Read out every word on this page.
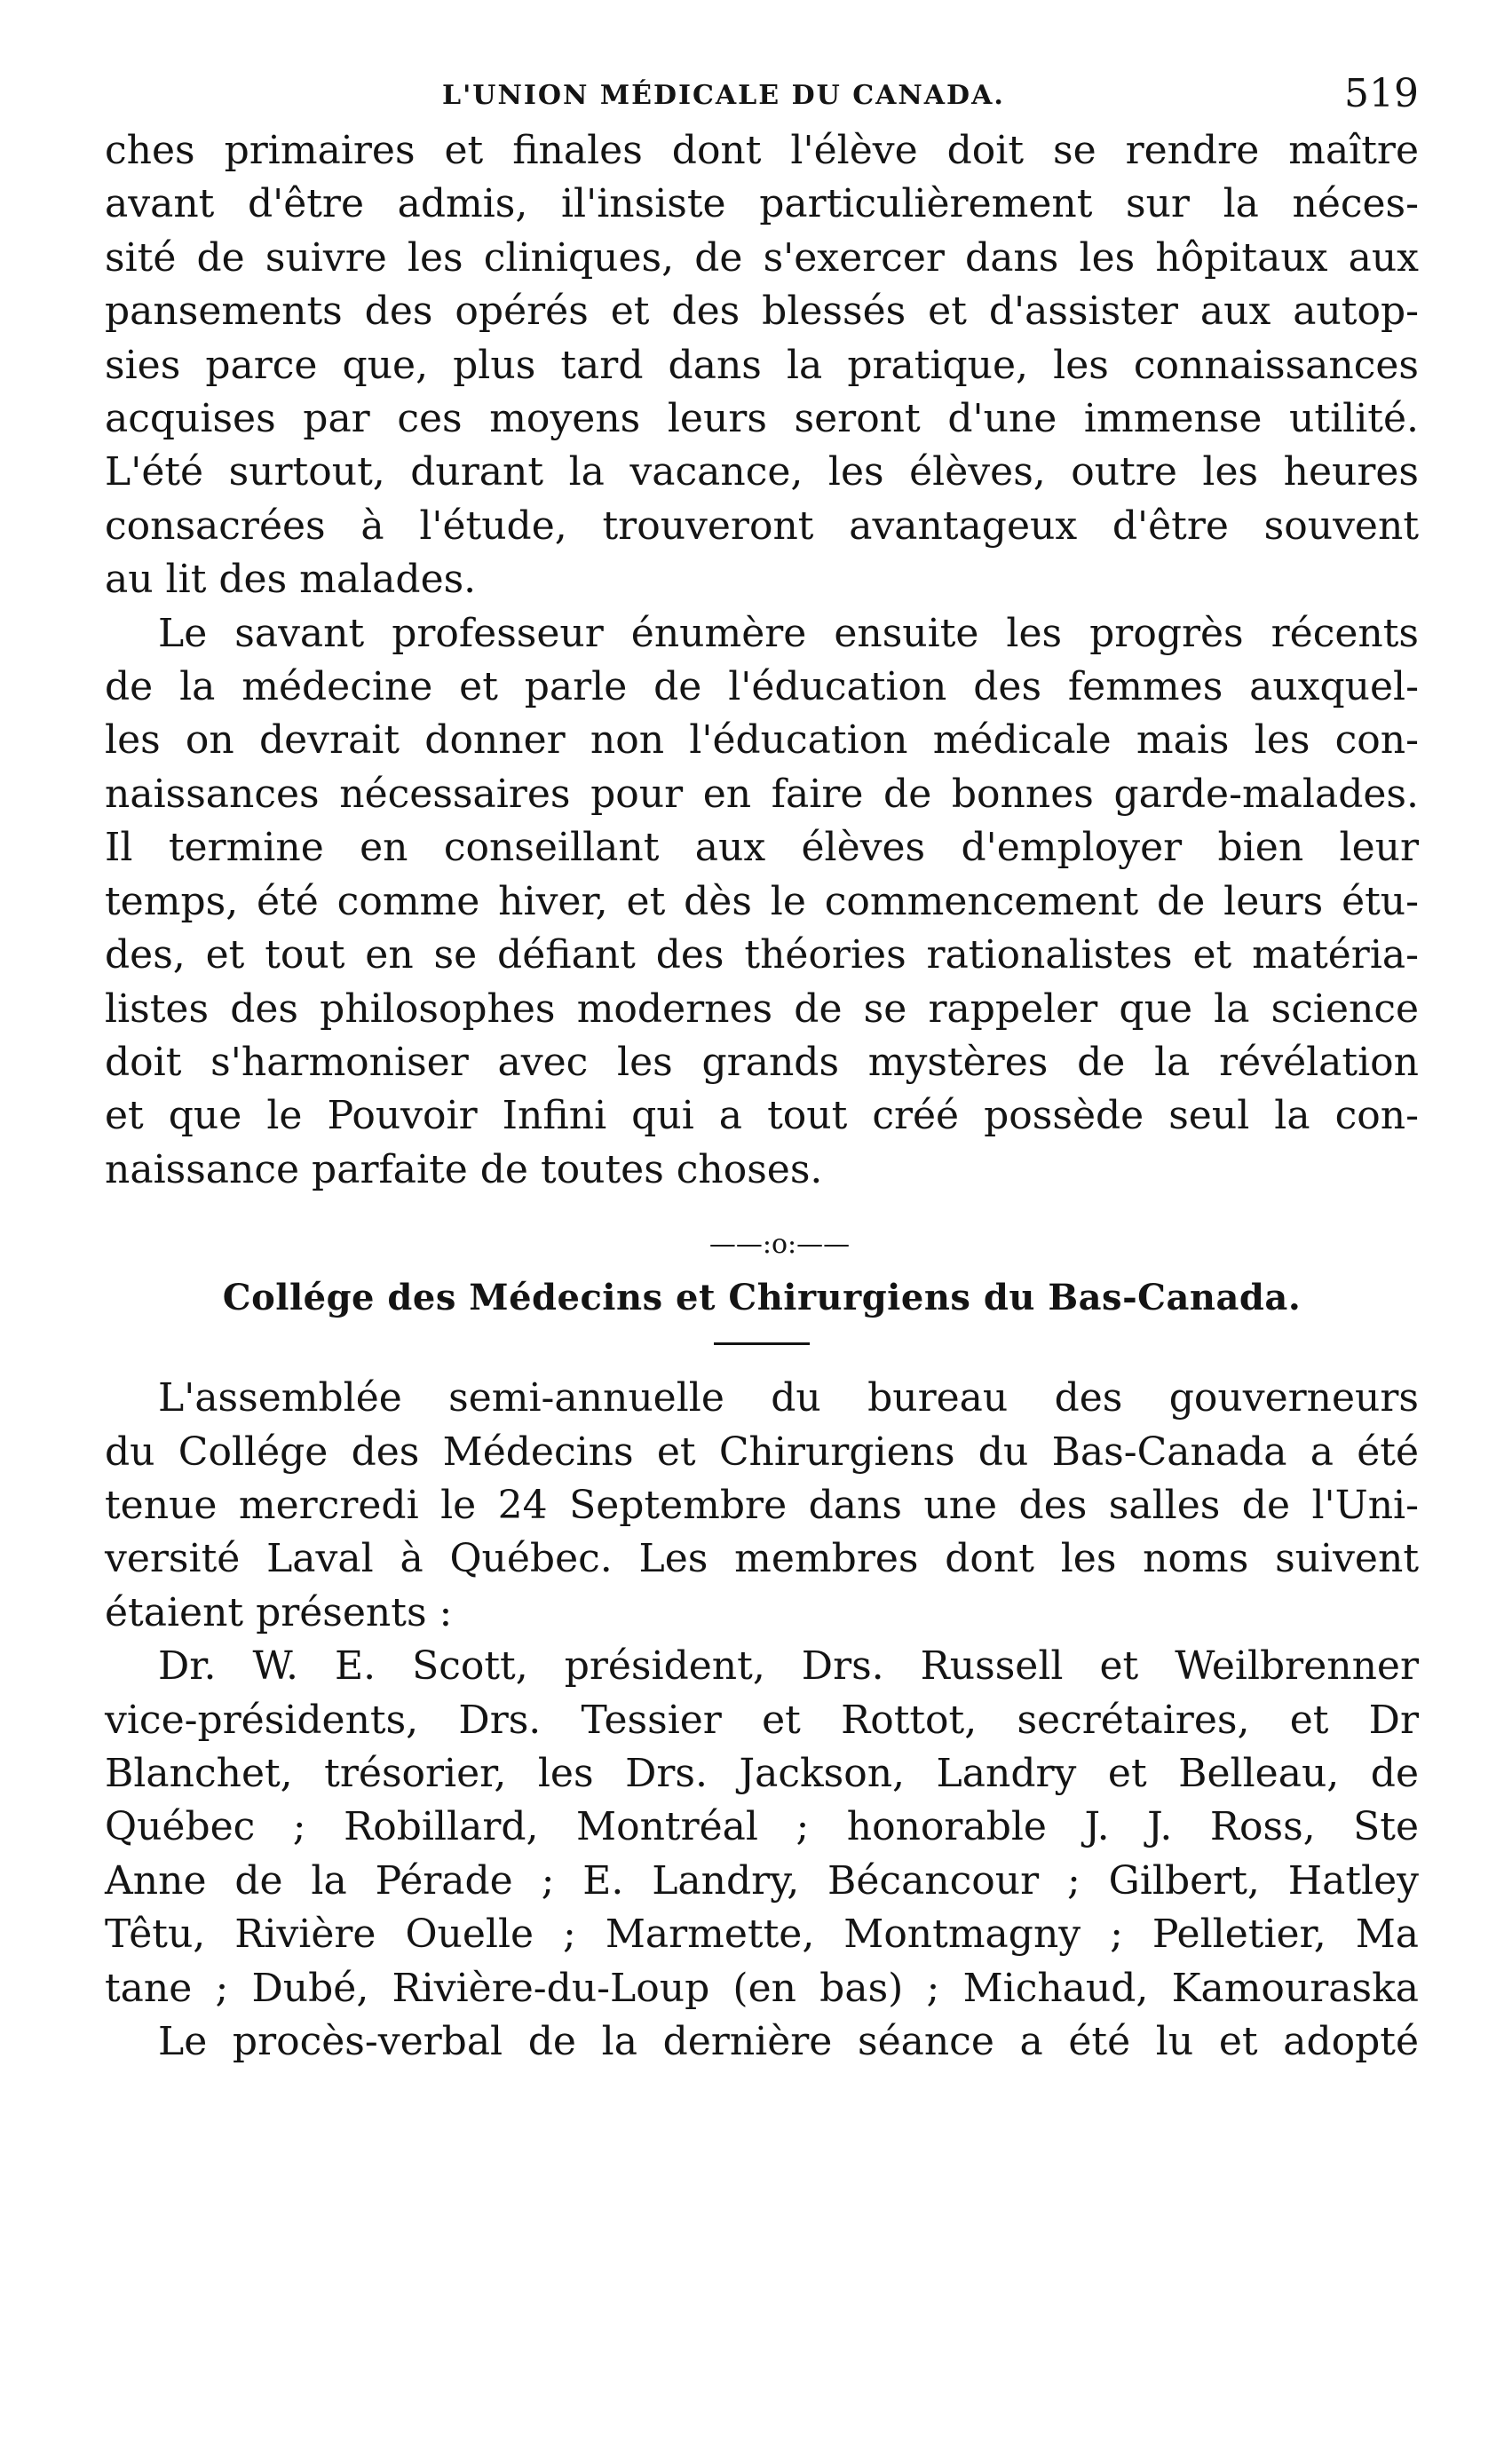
L'UNION MÉDICALE DU CANADA.	519

ches primaires et finales dont l'élève doit se rendre maître

avant d'être admis, il'insiste particulièrement sur la néces-

sité de suivre les cliniques, de s'exercer dans les hôpitaux aux

pansements des opérés et des blessés et d'assister aux autop-

sies parce que, plus tard dans la pratique, les connaissances

acquises par ces moyens leurs seront d'une immense utilité.

L'été surtout, durant la vacance, les élèves, outre les heures

consacrées à l'étude, trouveront avantageux d'être souvent

au lit des malades.

Le savant professeur énumère ensuite les progrès récents

de la médecine et parle de l'éducation des femmes auxquel-

les on devrait donner non l'éducation médicale mais les con-

naissances nécessaires pour en faire de bonnes garde-malades.

Il termine en conseillant aux élèves d'employer bien leur

temps, été comme hiver, et dès le commencement de leurs étu-

des, et tout en se défiant des théories rationalistes et matéria-

listes des philosophes modernes de se rappeler que la science

doit s'harmoniser avec les grands mystères de la révélation

et que le Pouvoir Infini qui a tout créé possède seul la con-

naissance parfaite de toutes choses.

——:o:——
Collége des Médecins et Chirurgiens du Bas-Canada.

L'assemblée semi-annuelle du bureau des gouverneurs

du Collége des Médecins et Chirurgiens du Bas-Canada a été

tenue mercredi le 24 Septembre dans une des salles de l'Uni-

versité Laval à Québec. Les membres dont les noms suivent

étaient présents :

Dr. W. E. Scott, président, Drs. Russell et Weilbrenner

vice-présidents, Drs. Tessier et Rottot, secrétaires, et Dr

Blanchet, trésorier, les Drs. Jackson, Landry et Belleau, de

Québec ; Robillard, Montréal ; honorable J. J. Ross, Ste

Anne de la Pérade ; E. Landry, Bécancour ; Gilbert, Hatley

Têtu, Rivière Ouelle ; Marmette, Montmagny ; Pelletier, Ma

tane ; Dubé, Rivière-du-Loup (en bas) ; Michaud, Kamouraska

Le procès-verbal de la dernière séance a été lu et adopté
